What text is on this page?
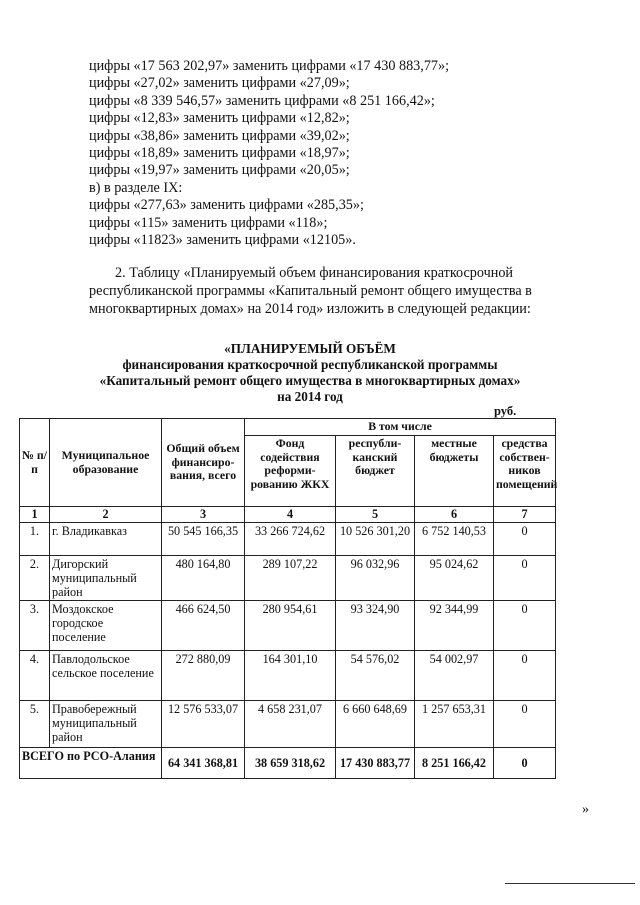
цифры «17 563 202,97» заменить цифрами «17 430 883,77»;
цифры «27,02» заменить цифрами «27,09»;
цифры «8 339 546,57» заменить цифрами «8 251 166,42»;
цифры «12,83» заменить цифрами «12,82»;
цифры «38,86» заменить цифрами «39,02»;
цифры «18,89» заменить цифрами «18,97»;
цифры «19,97» заменить цифрами «20,05»;
в) в разделе IX:
цифры «277,63» заменить цифрами «285,35»;
цифры «115» заменить цифрами «118»;
цифры «11823» заменить цифрами «12105».
2. Таблицу «Планируемый объем финансирования краткосрочной
республиканской программы «Капитальный ремонт общего имущества в
многоквартирных домах» на 2014 год» изложить в следующей редакции:
«ПЛАНИРУЕМЫЙ ОБЪЁМ
финансирования краткосрочной республиканской программы
«Капитальный ремонт общего имущества в многоквартирных домах»
на 2014 год
руб.
№ п/п	Муниципальное образование	Общий объем финансиро-вания, всего	В том числе			
			Фонд содействия реформи-рованию ЖКХ	республи-канский бюджет	местные бюджеты	средства собствен-ников помещений
1	2	3	4	5	6	7
1.	г. Владикавказ	50 545 166,35	33 266 724,62	10 526 301,20	6 752 140,53	0
2.	Дигорский муниципальный район	480 164,80	289 107,22	96 032,96	95 024,62	0
3.	Моздокское городское поселение	466 624,50	280 954,61	93 324,90	92 344,99	0
4.	Павлодольское сельское поселение	272 880,09	164 301,10	54 576,02	54 002,97	0
5.	Правобережный муниципальный район	12 576 533,07	4 658 231,07	6 660 648,69	1 257 653,31	0
ВСЕГО по РСО-Алания		64 341 368,81	38 659 318,62	17 430 883,77	8 251 166,42	0
»
